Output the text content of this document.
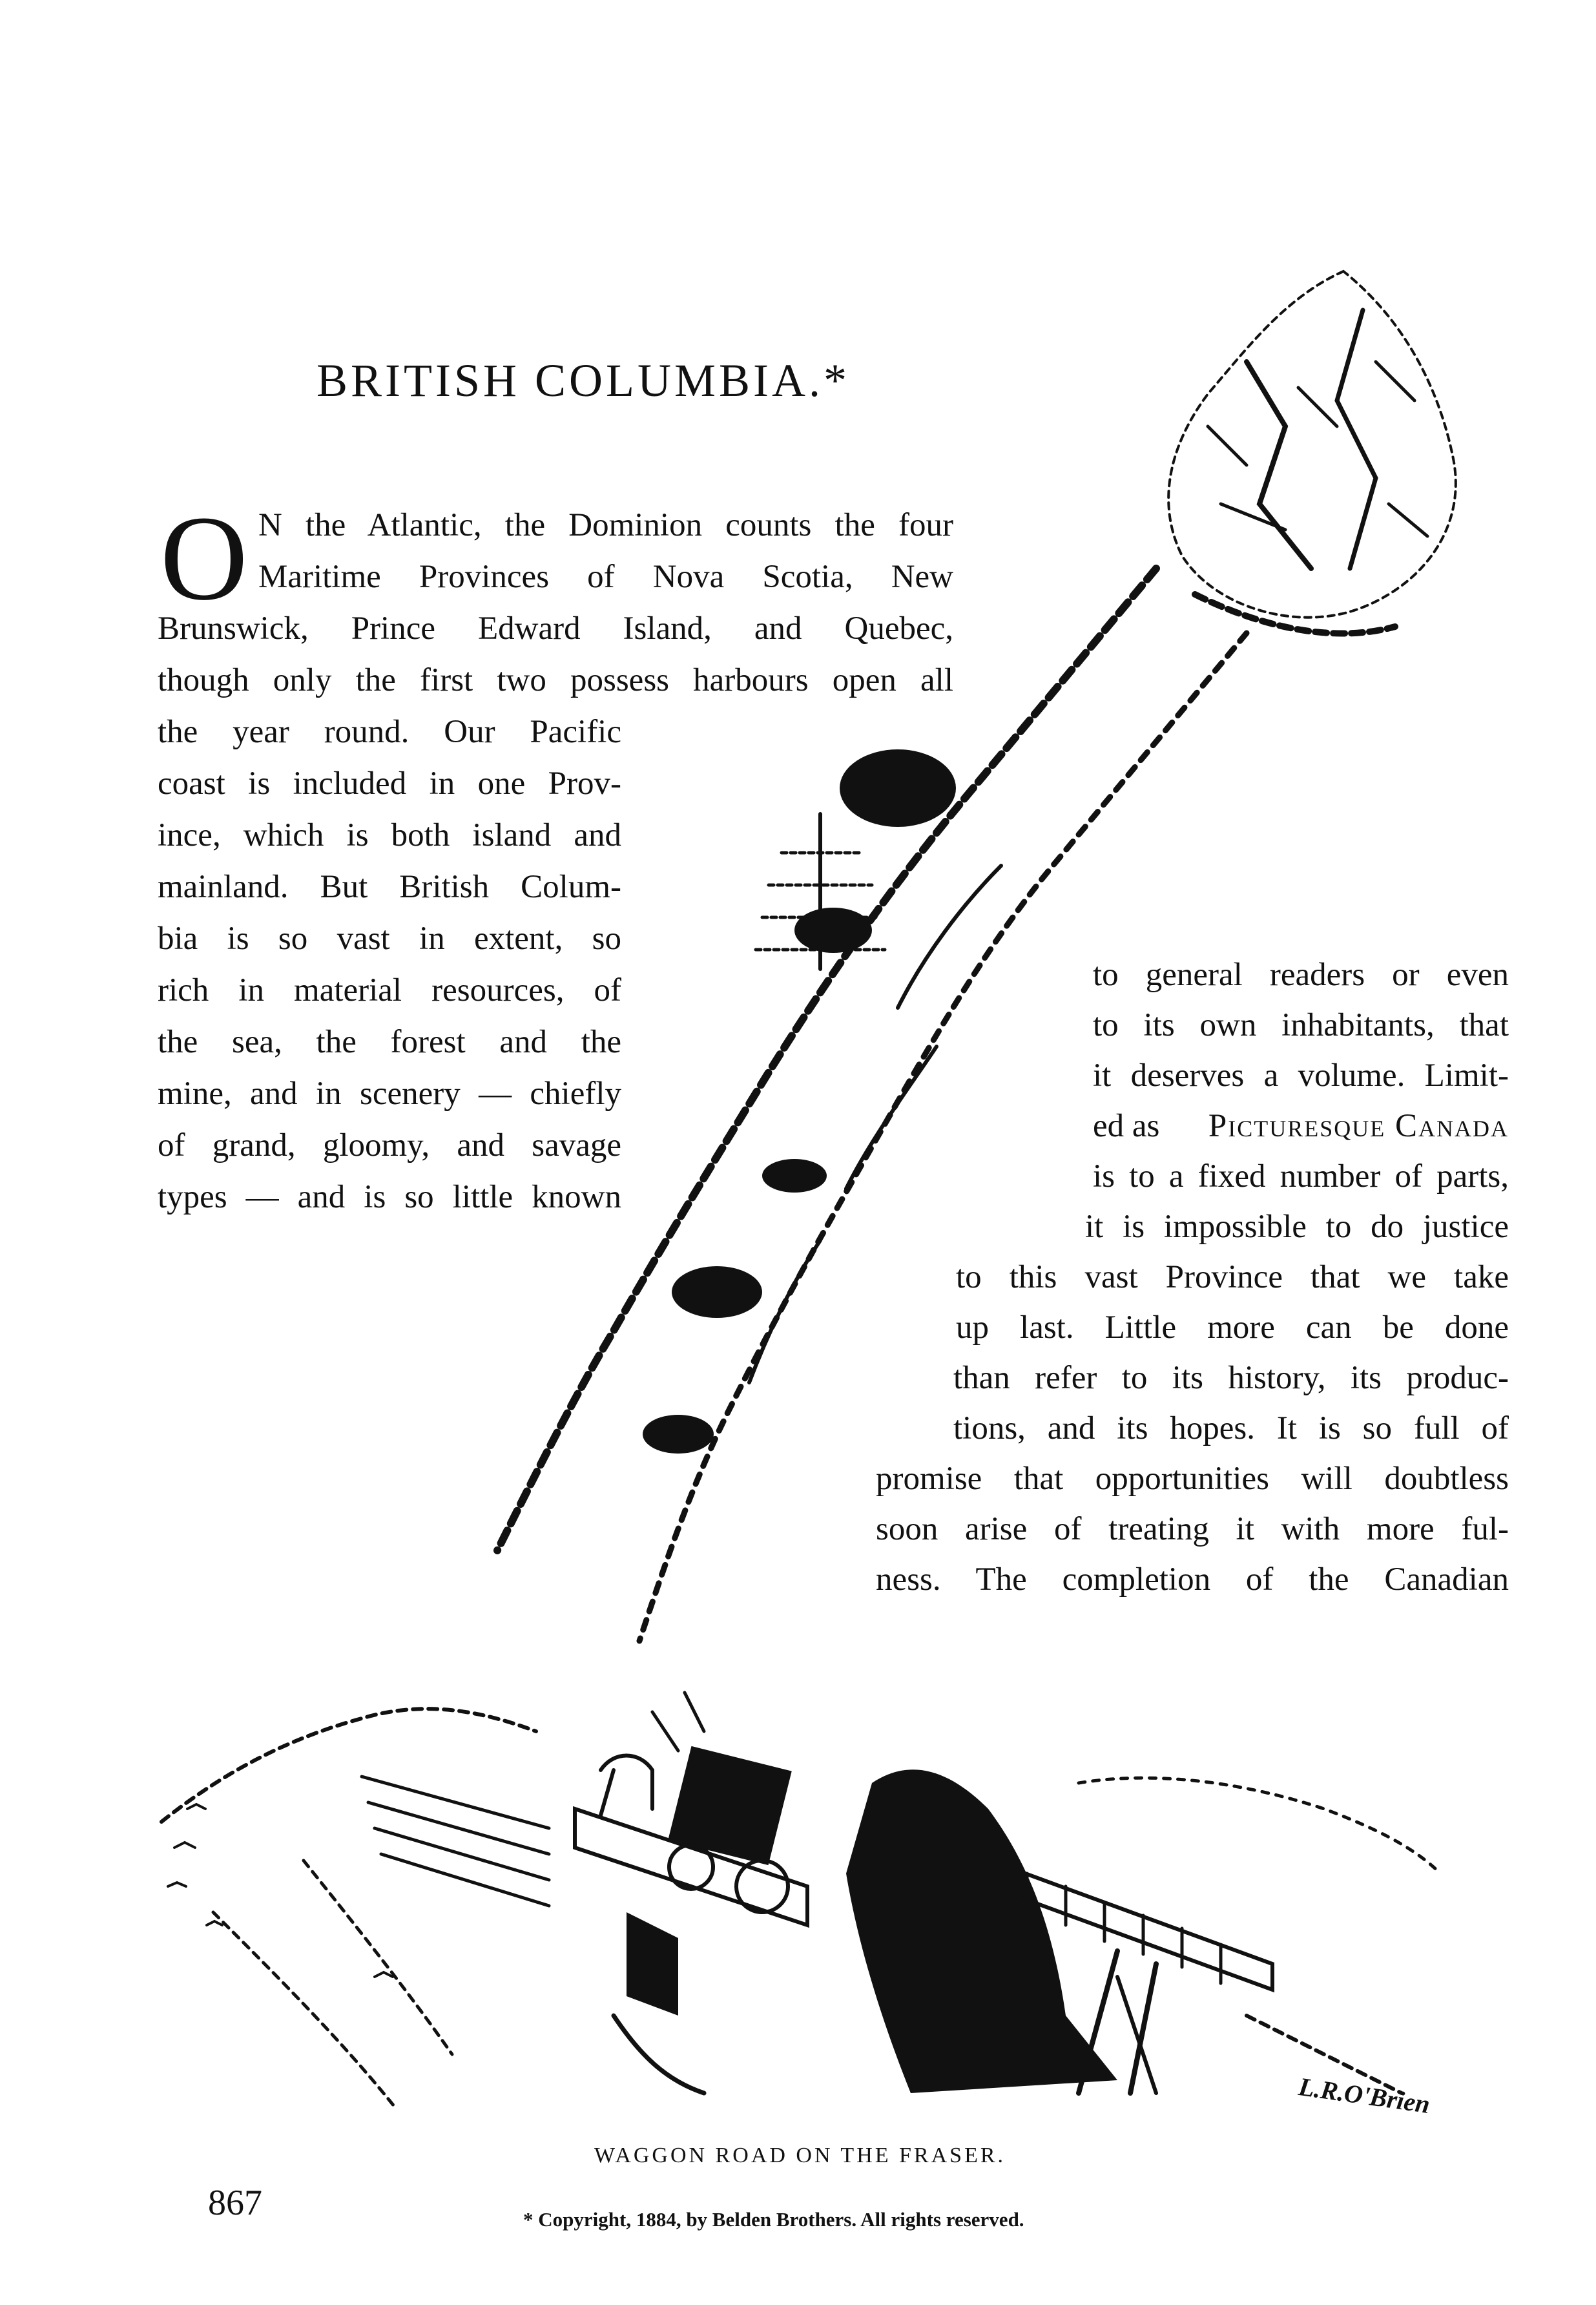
BRITISH COLUMBIA.*
O N the Atlantic, the Dominion counts the four
Maritime Provinces of Nova Scotia, New
Brunswick, Prince Edward Island, and Quebec,
though only the first two possess harbours open all
the year round. Our Pacific
coast is included in one Prov-
ince, which is both island and
mainland. But British Colum-
bia is so vast in extent, so
rich in material resources, of
the sea, the forest and the
mine, and in scenery — chiefly
of grand, gloomy, and savage
types — and is so little known
to general readers or even
to its own inhabitants, that
it deserves a volume. Limit-
ed as Picturesque Canada
is to a fixed number of parts,
it is impossible to do justice
to this vast Province that we take
up last. Little more can be done
than refer to its history, its produc-
tions, and its hopes. It is so full of
promise that opportunities will doubtless
soon arise of treating it with more ful-
ness. The completion of the Canadian
L.R.O'Brien
WAGGON ROAD ON THE FRASER.
867	* Copyright, 1884, by Belden Brothers. All rights reserved.
